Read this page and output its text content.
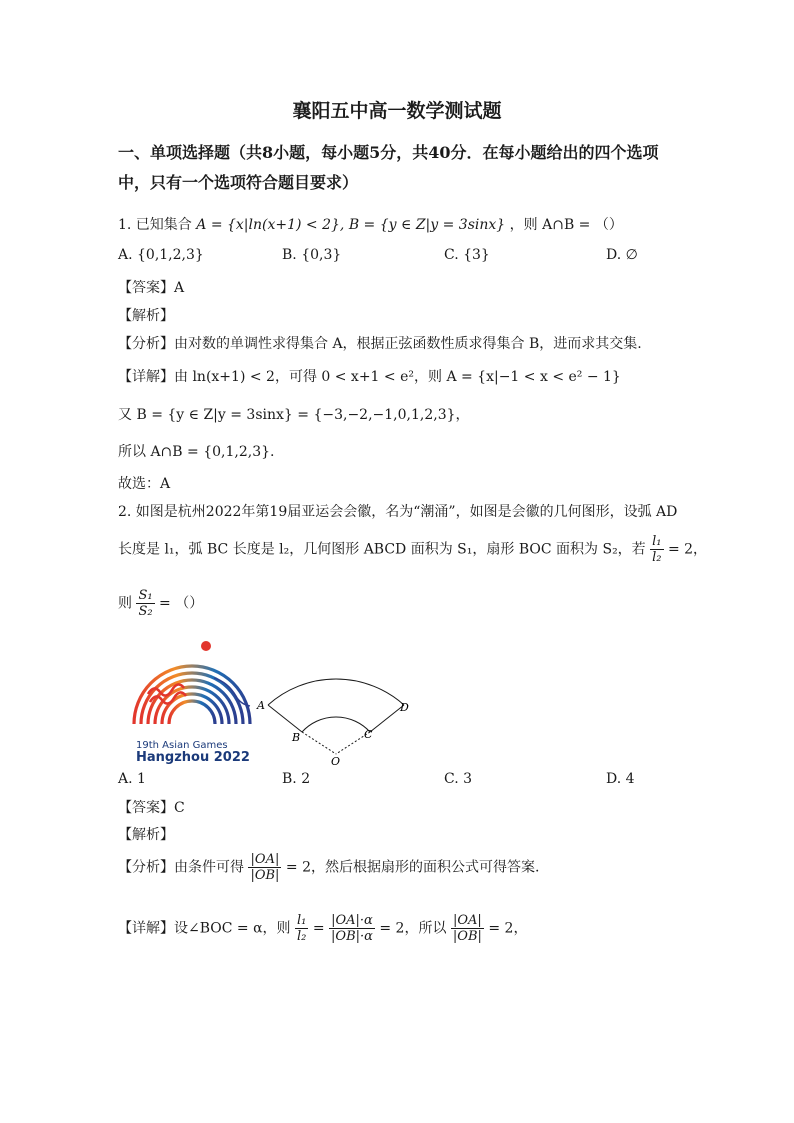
襄阳五中高一数学测试题
一、单项选择题（共8小题，每小题5分，共40分．在每小题给出的四个选项
中，只有一个选项符合题目要求）
1. 已知集合 A = {x|ln(x+1) < 2}, B = {y ∈ Z|y = 3sinx} ，则 A∩B = （）
A. {0,1,2,3}	B. {0,3}	C. {3}	D. ∅
【答案】A
【解析】
【分析】由对数的单调性求得集合 A，根据正弦函数性质求得集合 B，进而求其交集.
【详解】由 ln(x+1) < 2，可得 0 < x+1 < e²，则 A = {x|−1 < x < e² − 1}
又 B = {y ∈ Z|y = 3sinx} = {−3,−2,−1,0,1,2,3}，
所以 A∩B = {0,1,2,3}.
故选：A
2. 如图是杭州2022年第19届亚运会会徽，名为“潮涌”，如图是会徽的几何图形，设弧 AD
长度是 l₁，弧 BC 长度是 l₂，几何图形 ABCD 面积为 S₁，扇形 BOC 面积为 S₂，若 $\frac{\text{l₁}}{\text{l₂}} = 2$，
则 $\frac{\text{S₁}}{\text{S₂}}$ = （）
19th Asian Games
Hangzhou 2022
A
B	C
D
O
A. 1	B. 2	C. 3	D. 4
【答案】C
【解析】
【分析】由条件可得 $\frac{|OA|}{|OB|} = 2$，然后根据扇形的面积公式可得答案.
【详解】设∠BOC = α，则 $\frac{\text{l₁}}{\text{l₂}} = \frac{|OA|\cdot\alpha}{|OB|\cdot\alpha} = 2$，所以 $\frac{|OA|}{|OB|} = 2$，
